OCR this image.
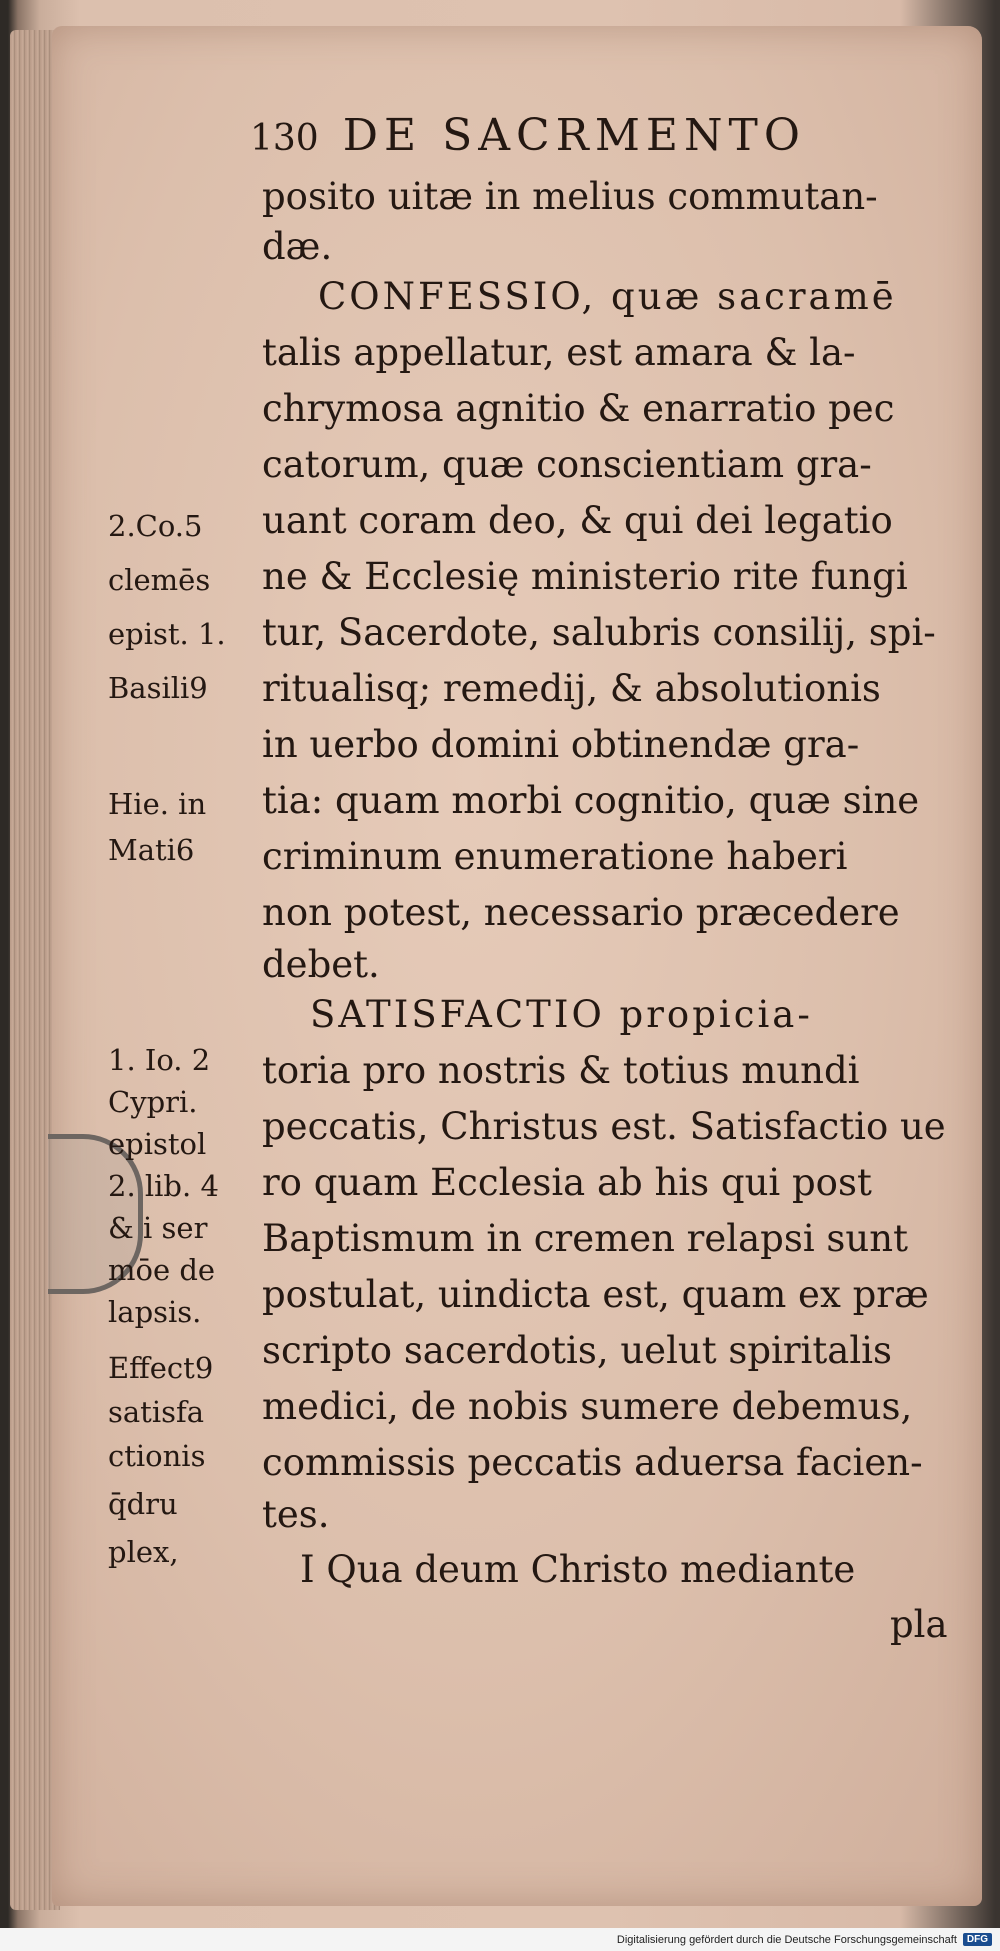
130 DE SACRMENTO
posito uitæ in melius commutan-
dæ.
CONFESSIO, quæ sacramē
talis appellatur, est amara & la-
chrymosa agnitio & enarratio pec
catorum, quæ conscientiam gra-
uant coram deo, & qui dei legatio
ne & Ecclesię ministerio rite fungi
tur, Sacerdote, salubris consilij, spi-
ritualisq; remedij, & absolutionis
in uerbo domini obtinendæ gra-
tia: quam morbi cognitio, quæ sine
criminum enumeratione haberi
non potest, necessario præcedere
debet.
SATISFACTIO propicia-
toria pro nostris & totius mundi
peccatis, Christus est. Satisfactio ue
ro quam Ecclesia ab his qui post
Baptismum in cremen relapsi sunt
postulat, uindicta est, quam ex præ
scripto sacerdotis, uelut spiritalis
medici, de nobis sumere debemus,
commissis peccatis aduersa facien-
tes.
I Qua deum Christo mediante
pla
2.Co.5
clemēs
epist. 1.
Basili9
Hie. in
Mati6
1. Io. 2
Cypri.
epistol
2. lib. 4
& i ser
mōe de
lapsis.
Effect9
satisfa
ctionis
q̄dru
plex,
Digitalisierung gefördert durch die Deutsche Forschungsgemeinschaft	DFG
